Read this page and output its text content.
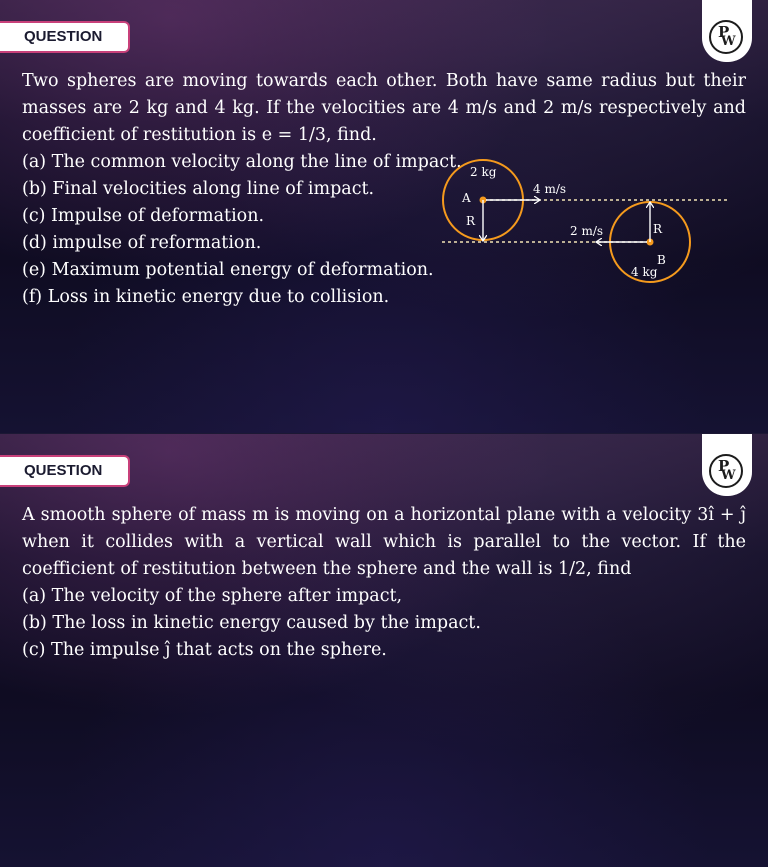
QUESTION	P
W

Two spheres are moving towards each other. Both have same radius but their masses are 2 kg and 4 kg. If the velocities are 4 m/s and 2 m/s respectively and coefficient of restitution is e = 1/3, find.

(a) The common velocity along the line of impact.

(b) Final velocities along line of impact.

(c) Impulse of deformation.

(d) impulse of reformation.

(e) Maximum potential energy of deformation.

(f) Loss in kinetic energy due to collision.

2 kg
A
R
4 m/s
R
B
4 kg
2 m/s
QUESTION	P
W

A smooth sphere of mass m is moving on a horizontal plane with a velocity 3î + ĵ when it collides with a vertical wall which is parallel to the vector. If the coefficient of restitution between the sphere and the wall is 1/2, find

(a) The velocity of the sphere after impact,

(b) The loss in kinetic energy caused by the impact.

(c) The impulse ĵ that acts on the sphere.
